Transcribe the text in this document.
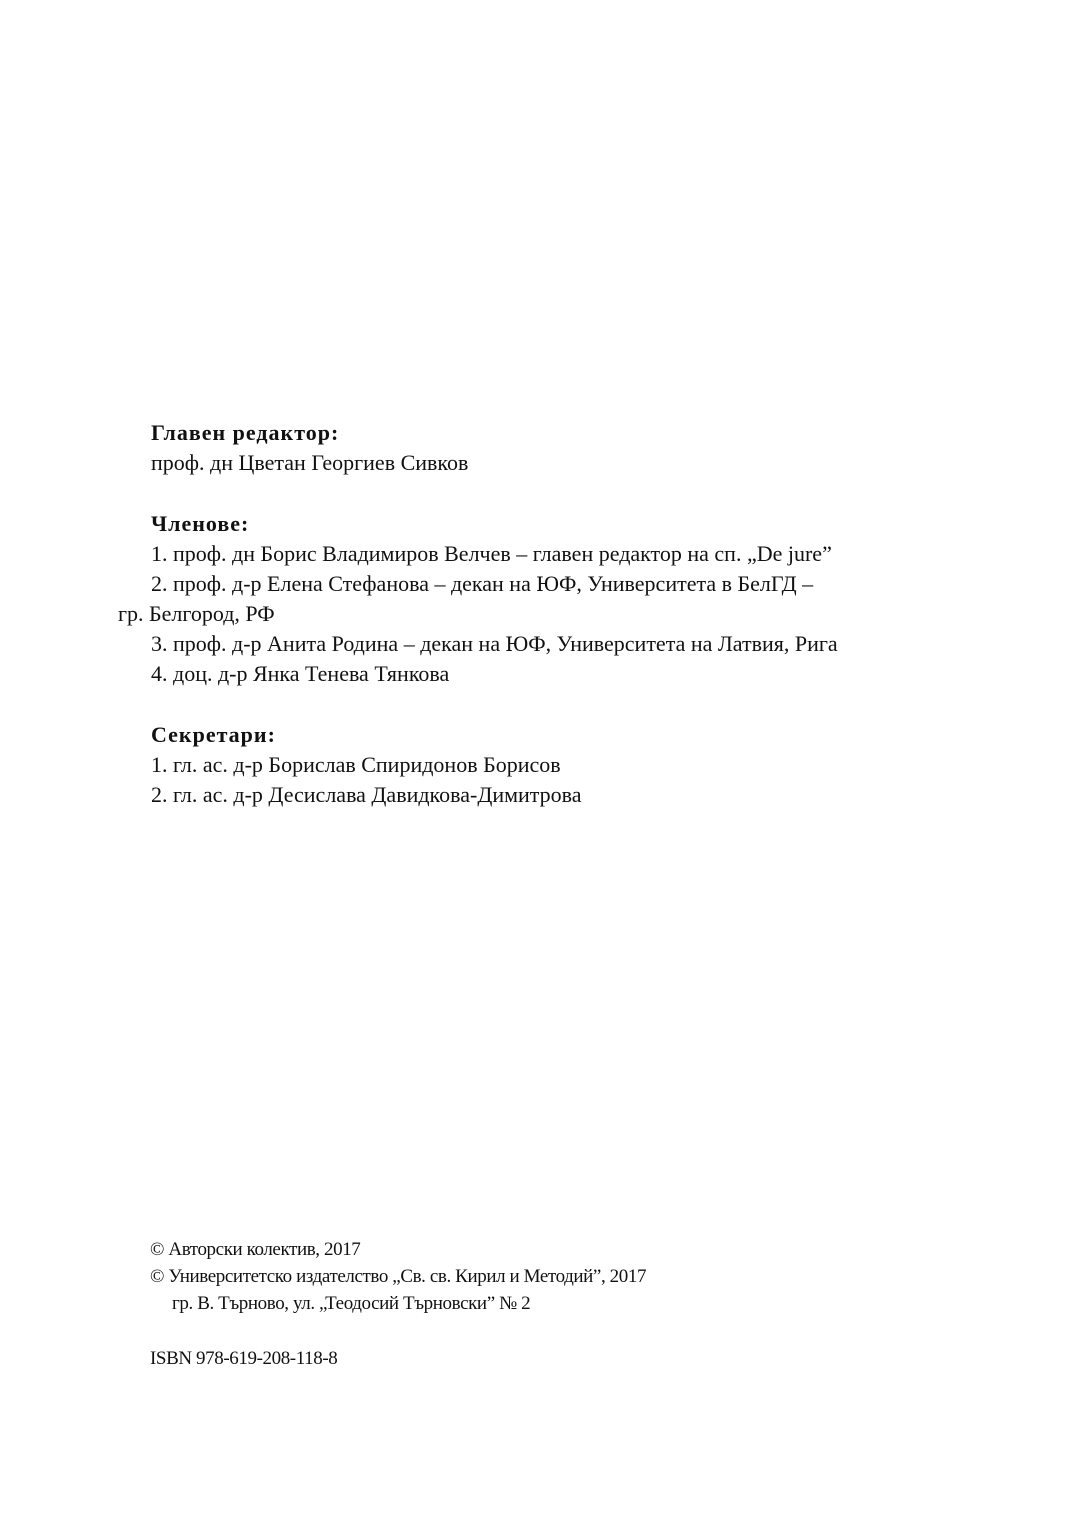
Главен редактор:

проф. дн Цветан Георгиев Сивков

Членове:

1. проф. дн Борис Владимиров Велчев – главен редактор на сп. „De jure”

2. проф. д-р Елена Стефанова – декан на ЮФ, Университета в БелГД –

гр. Белгород, РФ

3. проф. д-р Анита Родина – декан на ЮФ, Университета на Латвия, Рига

4. доц. д-р Янка Тенева Тянкова

Секретари:

1. гл. ас. д-р Борислав Спиридонов Борисов

2. гл. ас. д-р Десислава Давидкова-Димитрова

© Авторски колектив, 2017

© Университетско издателство „Св. св. Кирил и Методий”, 2017

гр. В. Търново, ул. „Теодосий Търновски” № 2

ISBN 978-619-208-118-8
